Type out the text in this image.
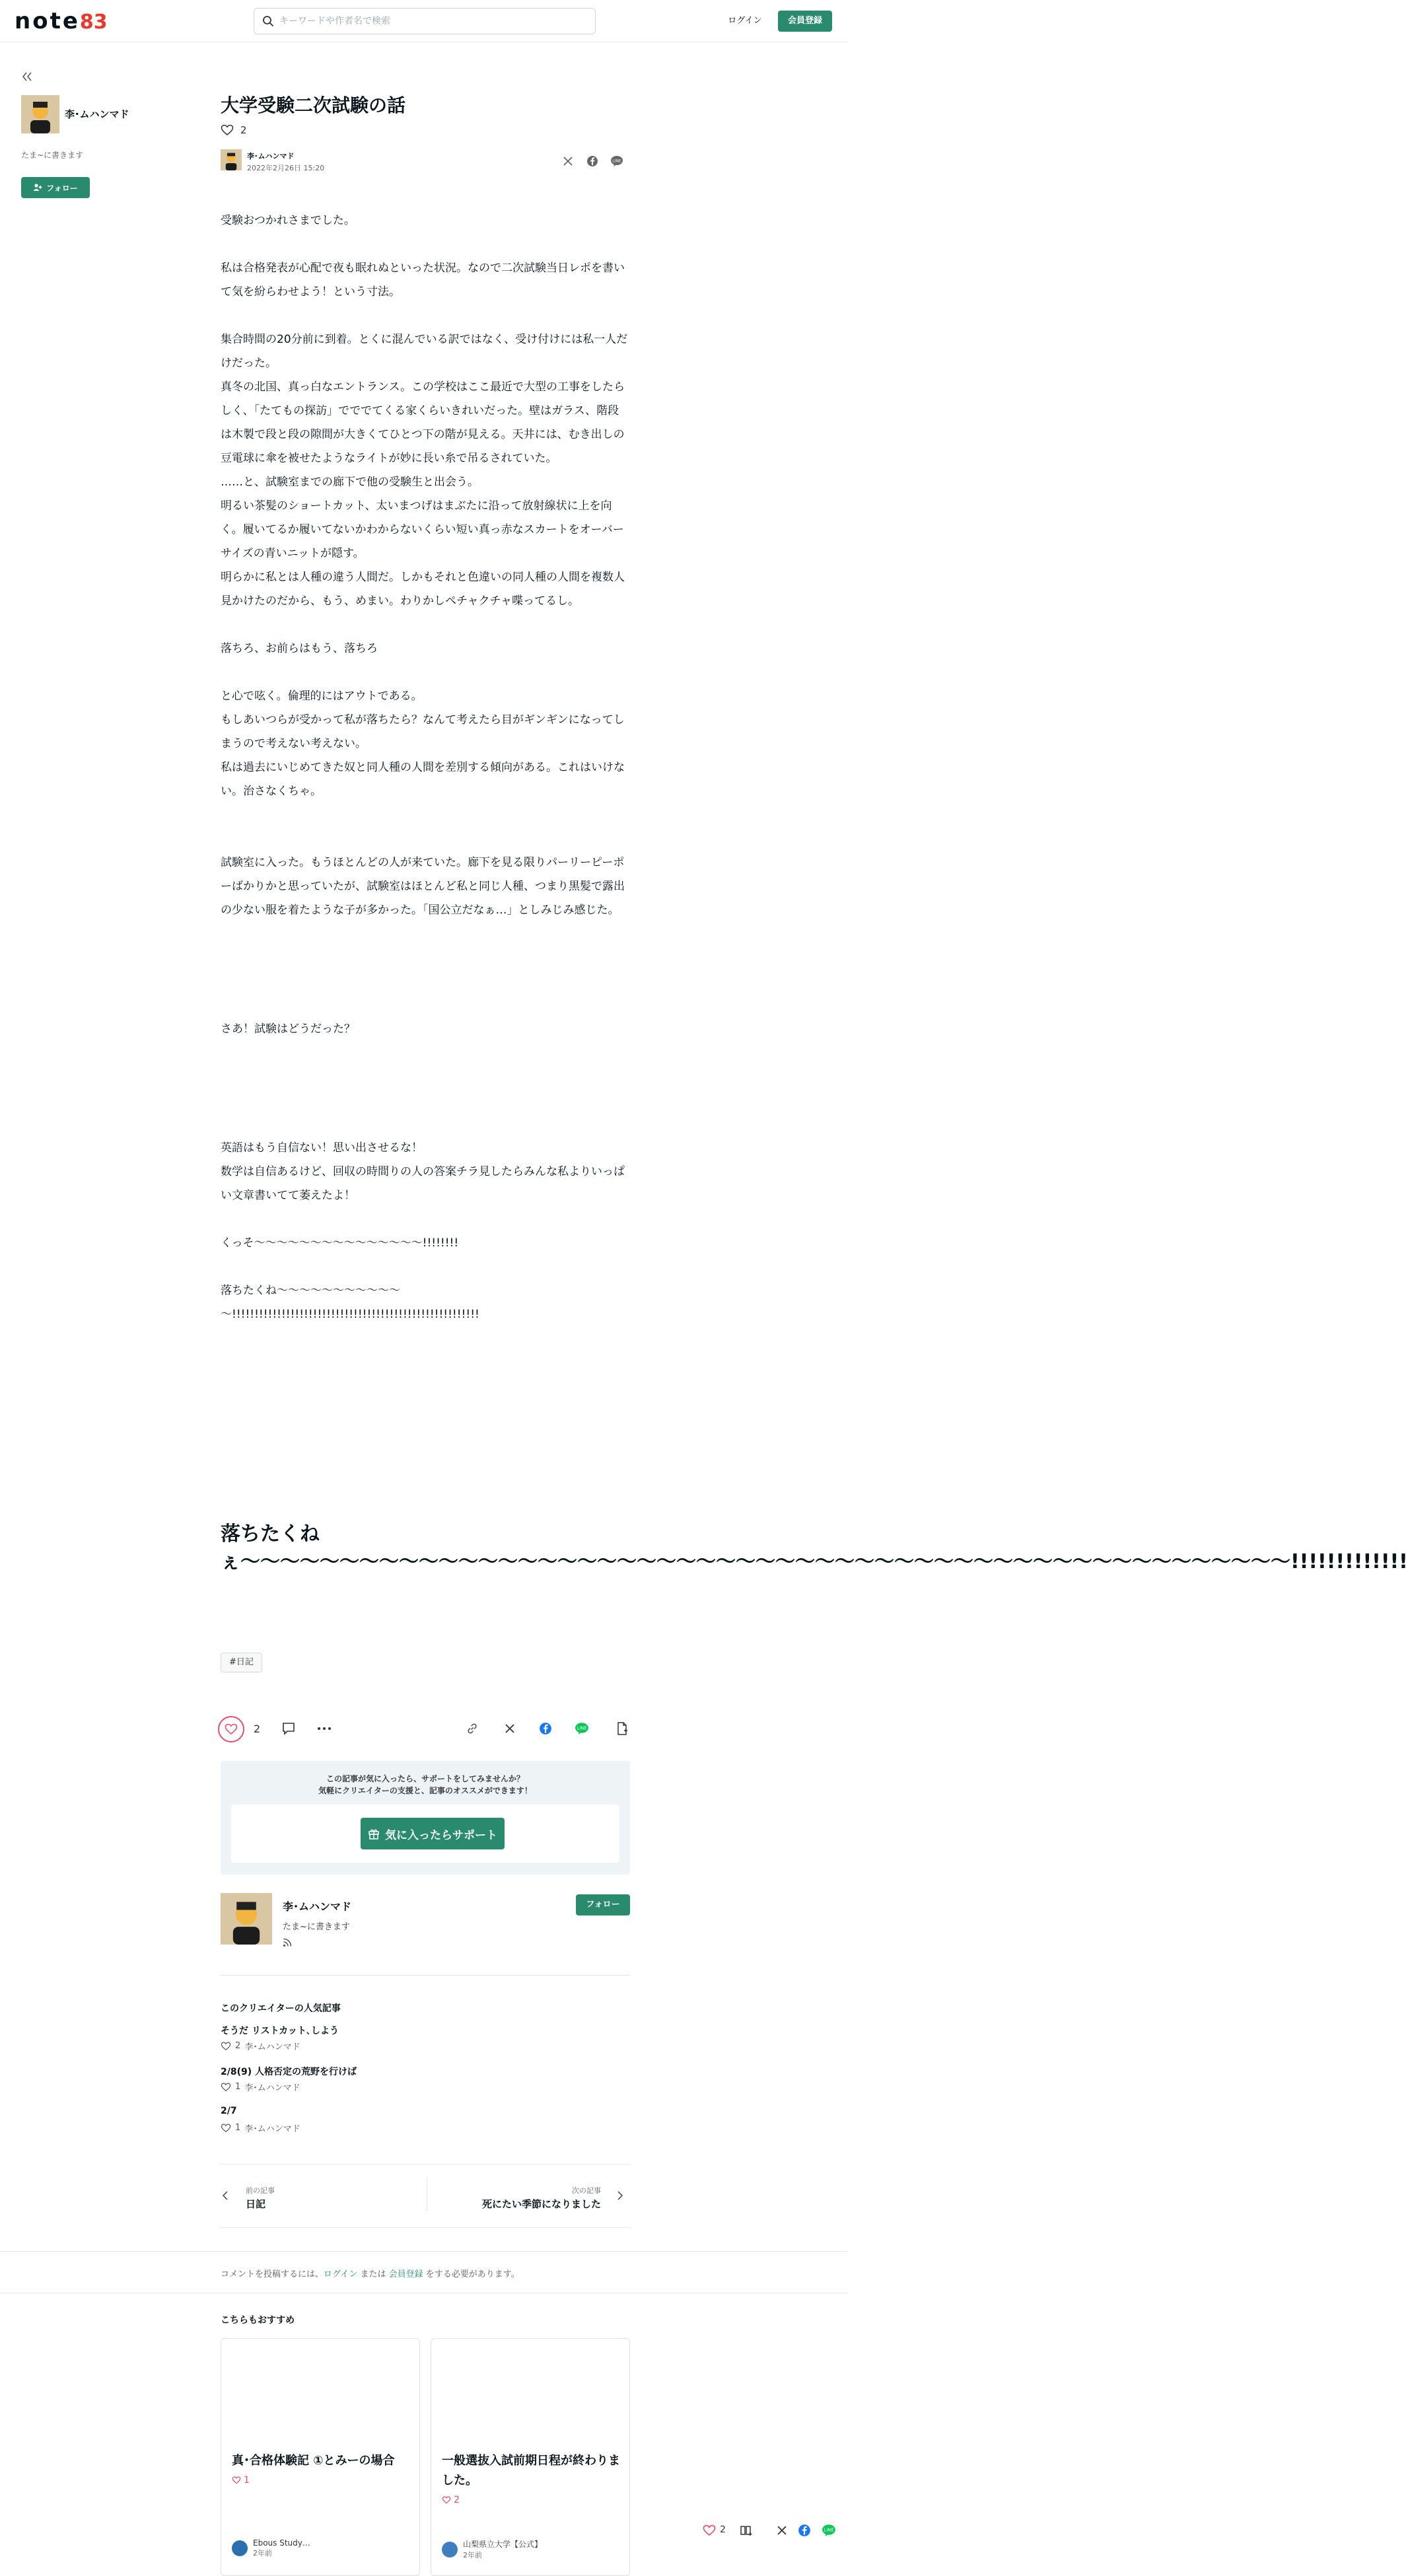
note83
キーワードや作者名で検索	ログイン	会員登録
李･ムハンマド
たま~に書きます
フォロー
大学受験二次試験の話
2
李･ムハンマド
2022年2月26日 15:20
LINE

受験おつかれさまでした。

私は合格発表が心配で夜も眠れぬといった状況。なので二次試験当日レポを書いて気を紛らわせよう！という寸法。

集合時間の20分前に到着。とくに混んでいる訳ではなく、受け付けには私一人だけだった。

真冬の北国、真っ白なエントランス。この学校はここ最近で大型の工事をしたらしく、「たてもの探訪」でででてくる家くらいきれいだった。壁はガラス、階段は木製で段と段の隙間が大きくてひとつ下の階が見える。天井には、むき出しの豆電球に傘を被せたようなライトが妙に長い糸で吊るされていた。

……と、試験室までの廊下で他の受験生と出会う。

明るい茶髪のショートカット、太いまつげはまぶたに沿って放射線状に上を向く。履いてるか履いてないかわからないくらい短い真っ赤なスカートをオーバーサイズの青いニットが隠す。

明らかに私とは人種の違う人間だ。しかもそれと色違いの同人種の人間を複数人見かけたのだから、もう、めまい。わりかしペチャクチャ喋ってるし。

落ちろ、お前らはもう、落ちろ

と心で呟く。倫理的にはアウトである。

もしあいつらが受かって私が落ちたら？なんて考えたら目がギンギンになってしまうので考えない考えない。

私は過去にいじめてきた奴と同人種の人間を差別する傾向がある。これはいけない。治さなくちゃ。

試験室に入った。もうほとんどの人が来ていた。廊下を見る限りパーリーピーポーばかりかと思っていたが、試験室はほとんど私と同じ人種、つまり黒髪で露出の少ない服を着たような子が多かった。「国公立だなぁ…」としみじみ感じた。

さあ！試験はどうだった？

英語はもう自信ない！思い出させるな！

数学は自信あるけど、回収の時間りの人の答案チラ見したらみんな私よりいっぱい文章書いてて萎えたよ！

くっそ〜〜〜〜〜〜〜〜〜〜〜〜〜〜〜!!!!!!!!

落ちたくね〜〜〜〜〜〜〜〜〜〜〜

〜!!!!!!!!!!!!!!!!!!!!!!!!!!!!!!!!!!!!!!!!!!!!!!!!!!!!!!!

落ちたくねぇ〜〜〜〜〜〜〜〜〜〜〜〜〜〜〜〜〜〜〜〜〜〜〜〜〜〜〜〜〜〜〜〜〜〜〜〜〜〜〜〜〜〜〜〜〜〜〜〜〜〜〜〜〜!!!!!!!!!!!!!
#日記
2	LINE
この記事が気に入ったら、サポートをしてみませんか？
気軽にクリエイターの支援と、記事のオススメができます！
気に入ったらサポート
李･ムハンマド
たま~に書きます
フォロー
このクリエイターの人気記事
そうだ リストカット､しよう
2 李･ムハンマド
2/8(9) 人格否定の荒野を行けば
1 李･ムハンマド
2/7
1 李･ムハンマド
前の記事
日記
次の記事
死にたい季節になりました
コメントを投稿するには、ログイン または 会員登録 をする必要があります。
こちらもおすすめ
真･合格体験記 ①とみーの場合
1
Ebous Study…
2年前
一般選抜入試前期日程が終わりました。
2
山梨県立大学【公式】
2年前
2	LINE
